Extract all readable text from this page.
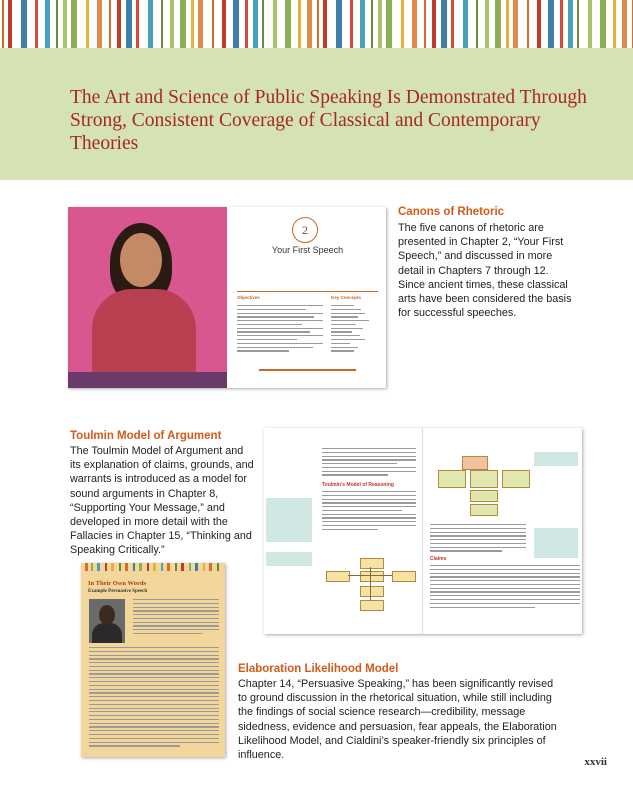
The Art and Science of Public Speaking Is Demonstrated Through Strong, Consistent Coverage of Classical and Contemporary Theories
2
Your First Speech
Objectives	Key Concepts
Canons of Rhetoric

The five canons of rhetoric are presented in Chapter 2, “Your First Speech,” and discussed in more detail in Chapters 7 through 12. Since ancient times, these classical arts have been considered the basis for successful speeches.

Toulmin Model of Argument

The Toulmin Model of Argument and its explanation of claims, grounds, and warrants is introduced as a model for sound arguments in Chapter 8, “Supporting Your Message,” and developed in more detail with the Fallacies in Chapter 15, “Thinking and Speaking Critically.”

Toulmin's Model of Reasoning
Claims
In Their Own Words
Example Persuasive Speech
Elaboration Likelihood Model

Chapter 14, “Persuasive Speaking,” has been significantly revised to ground discussion in the rhetorical situation, while still including the findings of social science research—credibility, message sidedness, evidence and persuasion, fear appeals, the Elaboration Likelihood Model, and Cialdini’s speaker-friendly six principles of influence.

xxvii
